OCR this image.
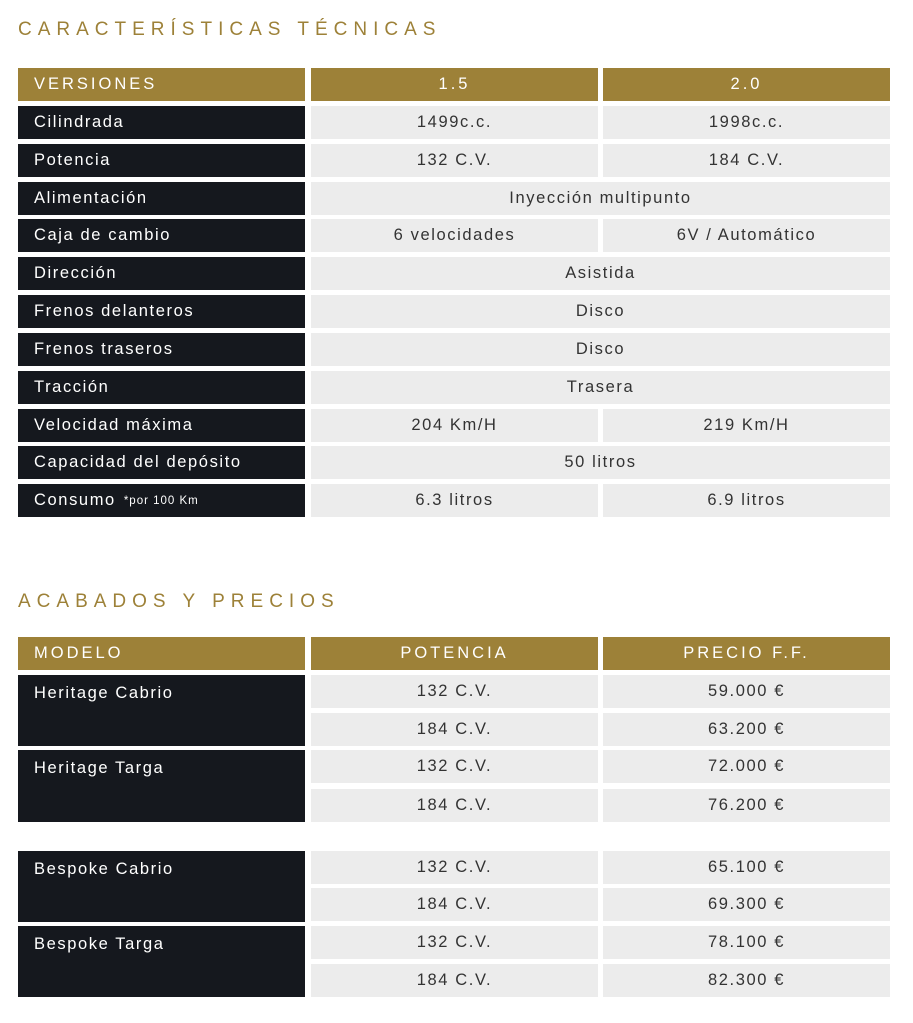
CARACTERÍSTICAS TÉCNICAS
VERSIONES	1.5	2.0
Cilindrada	1499c.c.	1998c.c.
Potencia	132 C.V.	184 C.V.
Alimentación	Inyección multipunto
Caja de cambio	6 velocidades	6V / Automático
Dirección	Asistida
Frenos delanteros	Disco
Frenos traseros	Disco
Tracción	Trasera
Velocidad máxima	204 Km/H	219 Km/H
Capacidad del depósito	50 litros
Consumo *por 100 Km	6.3 litros	6.9 litros
ACABADOS Y PRECIOS
MODELO	POTENCIA	PRECIO F.F.
Heritage Cabrio	132 C.V.	59.000 €
184 C.V.	63.200 €
Heritage Targa	132 C.V.	72.000 €
184 C.V.	76.200 €
Bespoke Cabrio	132 C.V.	65.100 €
184 C.V.	69.300 €
Bespoke Targa	132 C.V.	78.100 €
184 C.V.	82.300 €
